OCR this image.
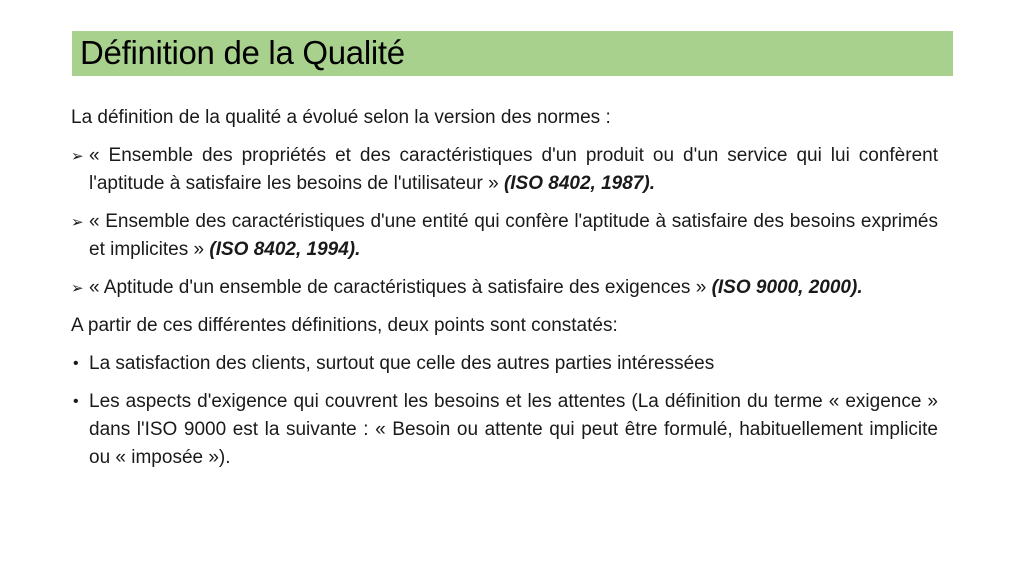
Définition de la Qualité

La définition de la qualité a évolué selon la version des normes :

➢ « Ensemble des propriétés et des caractéristiques d'un produit ou d'un service qui lui confèrent l'aptitude à satisfaire les besoins de l'utilisateur » (ISO 8402, 1987).
➢ « Ensemble des caractéristiques d'une entité qui confère l'aptitude à satisfaire des besoins exprimés et implicites » (ISO 8402, 1994).
➢ « Aptitude d'un ensemble de caractéristiques à satisfaire des exigences » (ISO 9000, 2000).

A partir de ces différentes définitions, deux points sont constatés:

• La satisfaction des clients, surtout que celle des autres parties intéressées
• Les aspects d'exigence qui couvrent les besoins et les attentes (La définition du terme « exigence » dans l'ISO 9000 est la suivante : « Besoin ou attente qui peut être formulé, habituellement implicite ou « imposée »).
